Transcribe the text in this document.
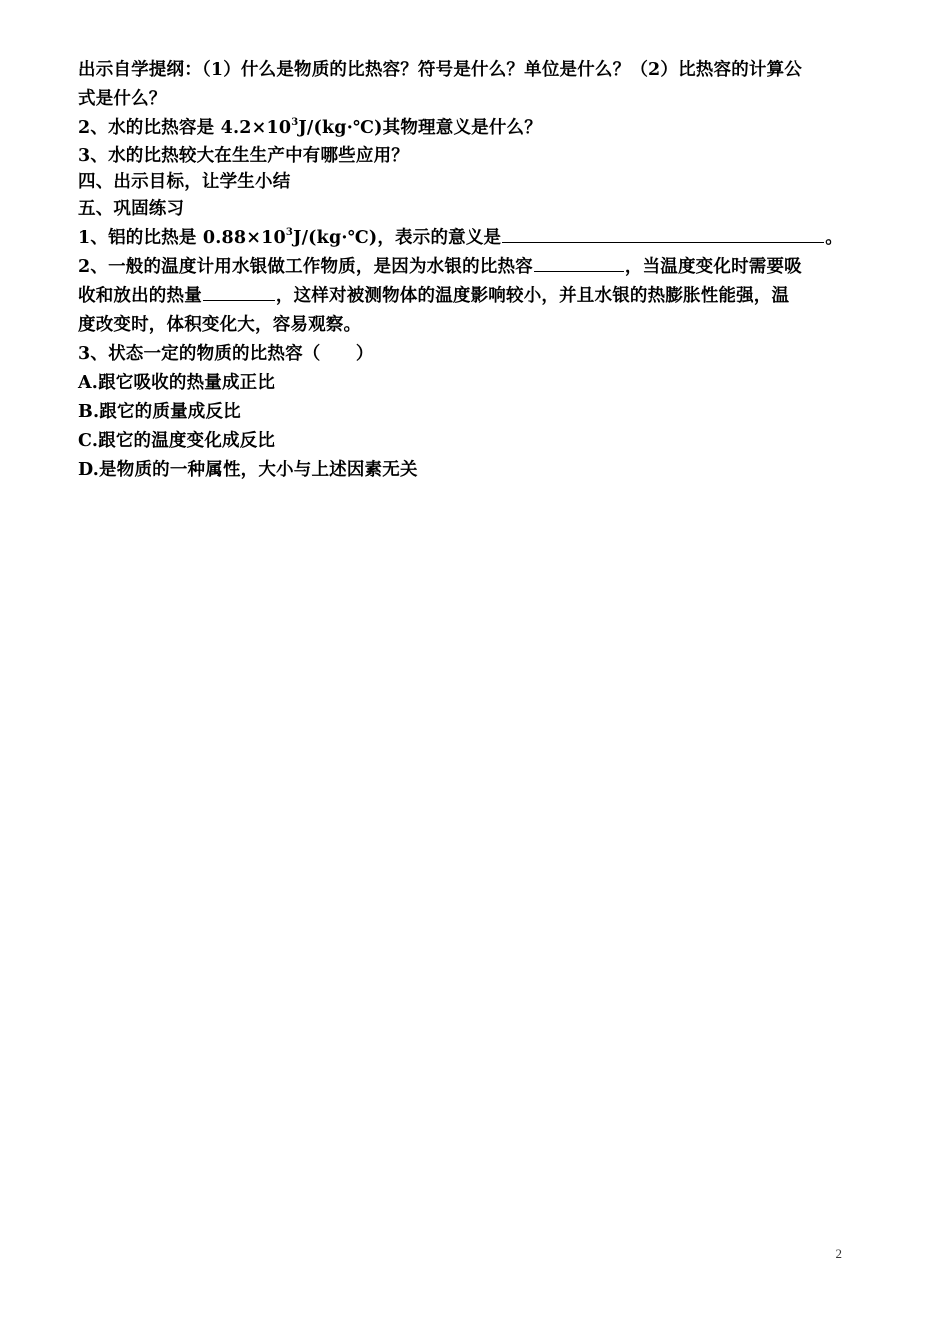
出示自学提纲：（1）什么是物质的比热容？符号是什么？单位是什么？（2）比热容的计算公
式是什么？
2、水的比热容是 $4.2\times 10^3J/(kg\cdot℃)$其物理意义是什么？
3、水的比热较大在生生产中有哪些应用？
四、出示目标，让学生小结
五、巩固练习
1、铝的比热是 $0.88\times 10^3J/(kg\cdot℃)$，表示的意义是	。
2、一般的温度计用水银做工作物质，是因为水银的比热容	，当温度变化时需要吸
收和放出的热量	，这样对被测物体的温度影响较小，并且水银的热膨胀性能强，温
度改变时，体积变化大，容易观察。
3、状态一定的物质的比热容（　　）
A.跟它吸收的热量成正比
B.跟它的质量成反比
C.跟它的温度变化成反比
D.是物质的一种属性，大小与上述因素无关
2
